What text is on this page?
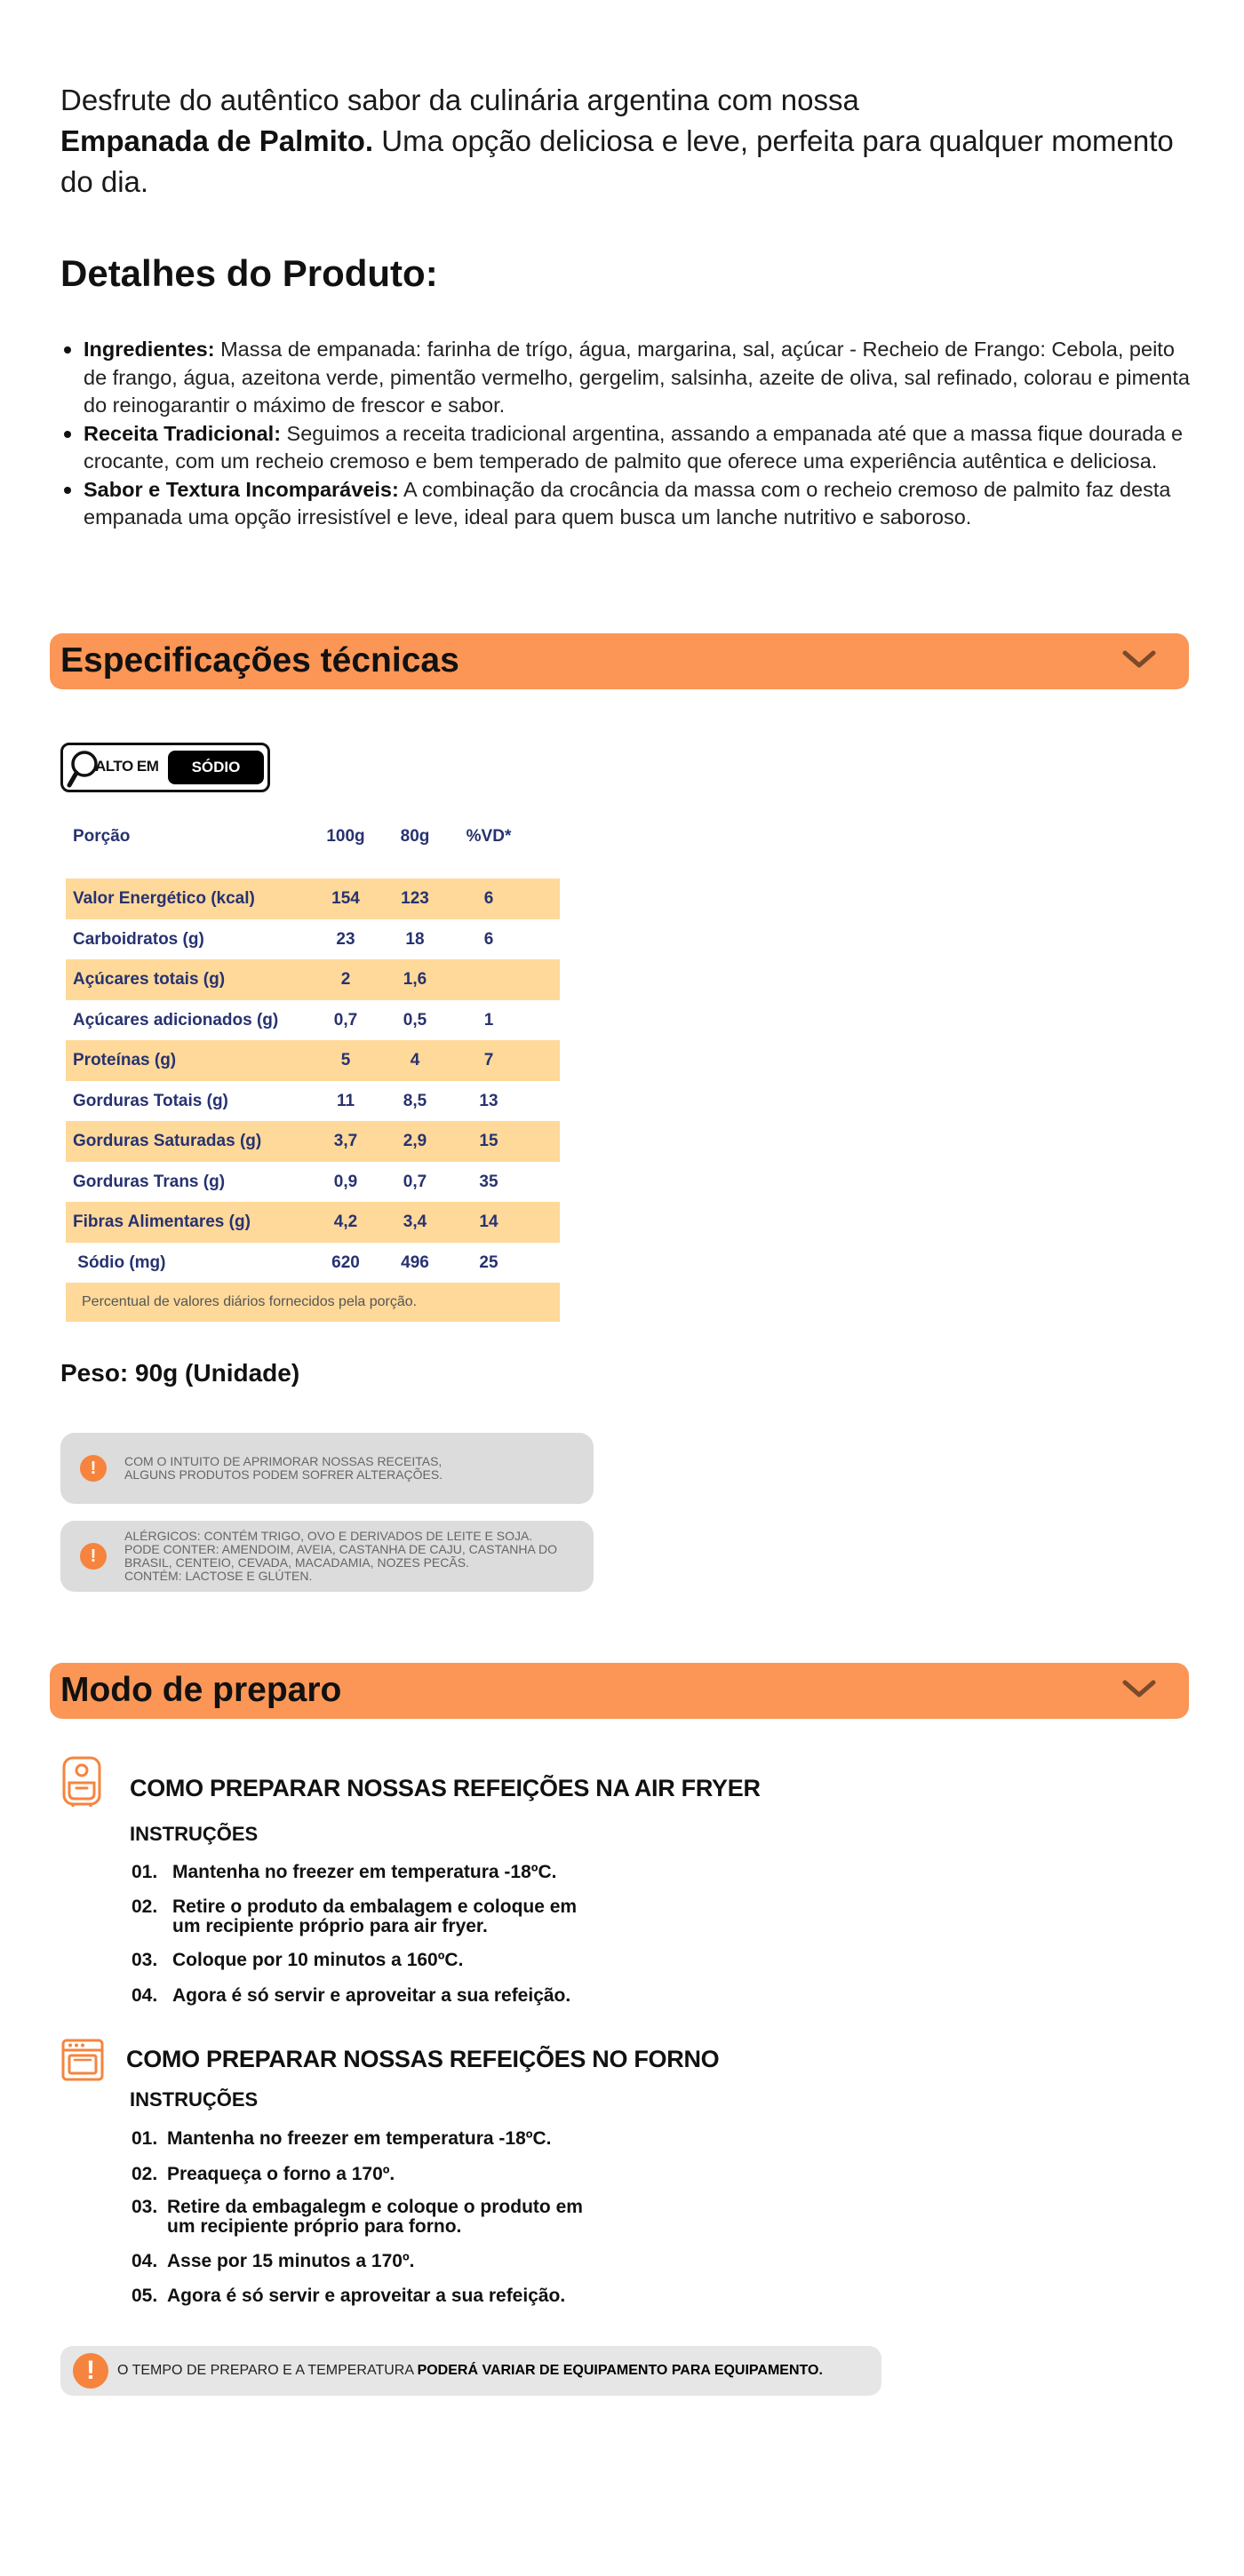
Desfrute do autêntico sabor da culinária argentina com nossa
Empanada de Palmito. Uma opção deliciosa e leve, perfeita para qualquer momento do dia.

Detalhes do Produto:
Ingredientes: Massa de empanada: farinha de trígo, água, margarina, sal, açúcar - Recheio de Frango: Cebola, peito de frango, água, azeitona verde, pimentão vermelho, gergelim, salsinha, azeite de oliva, sal refinado, colorau e pimenta do reinogarantir o máximo de frescor e sabor.
Receita Tradicional: Seguimos a receita tradicional argentina, assando a empanada até que a massa fique dourada e crocante, com um recheio cremoso e bem temperado de palmito que oferece uma experiência autêntica e deliciosa.
Sabor e Textura Incomparáveis: A combinação da crocância da massa com o recheio cremoso de palmito faz desta empanada uma opção irresistível e leve, ideal para quem busca um lanche nutritivo e saboroso.
Especificações técnicas
ALTO EM	SÓDIO
Porção	100g	80g	%VD*
Valor Energético (kcal)	154	123	6
Carboidratos (g)	23	18	6
Açúcares totais (g)	2	1,6
Açúcares adicionados (g)	0,7	0,5	1
Proteínas (g)	5	4	7
Gorduras Totais (g)	11	8,5	13
Gorduras Saturadas (g)	3,7	2,9	15
Gorduras Trans (g)	0,9	0,7	35
Fibras Alimentares (g)	4,2	3,4	14
Sódio (mg)	620	496	25
Percentual de valores diários fornecidos pela porção.
Peso: 90g (Unidade)
!	COM O INTUITO DE APRIMORAR NOSSAS RECEITAS,
ALGUNS PRODUTOS PODEM SOFRER ALTERAÇÕES.
!
ALÉRGICOS: CONTÉM TRIGO, OVO E DERIVADOS DE LEITE E SOJA.
PODE CONTER: AMENDOIM, AVEIA, CASTANHA DE CAJU, CASTANHA DO
BRASIL, CENTEIO, CEVADA, MACADAMIA, NOZES PECÃS.
CONTÉM: LACTOSE E GLÚTEN.
Modo de preparo
COMO PREPARAR NOSSAS REFEIÇÕES NA AIR FRYER
INSTRUÇÕES
01. Mantenha no freezer em temperatura -18ºC.
02. Retire o produto da embalagem e coloque em
um recipiente próprio para air fryer.
03. Coloque por 10 minutos a 160ºC.
04. Agora é só servir e aproveitar a sua refeição.
COMO PREPARAR NOSSAS REFEIÇÕES NO FORNO
INSTRUÇÕES
01. Mantenha no freezer em temperatura -18ºC.
02. Preaqueça o forno a 170º.
03. Retire da embagalegm e coloque o produto em
um recipiente próprio para forno.
04. Asse por 15 minutos a 170º.
05. Agora é só servir e aproveitar a sua refeição.
!	O TEMPO DE PREPARO E A TEMPERATURA PODERÁ VARIAR DE EQUIPAMENTO PARA EQUIPAMENTO.
